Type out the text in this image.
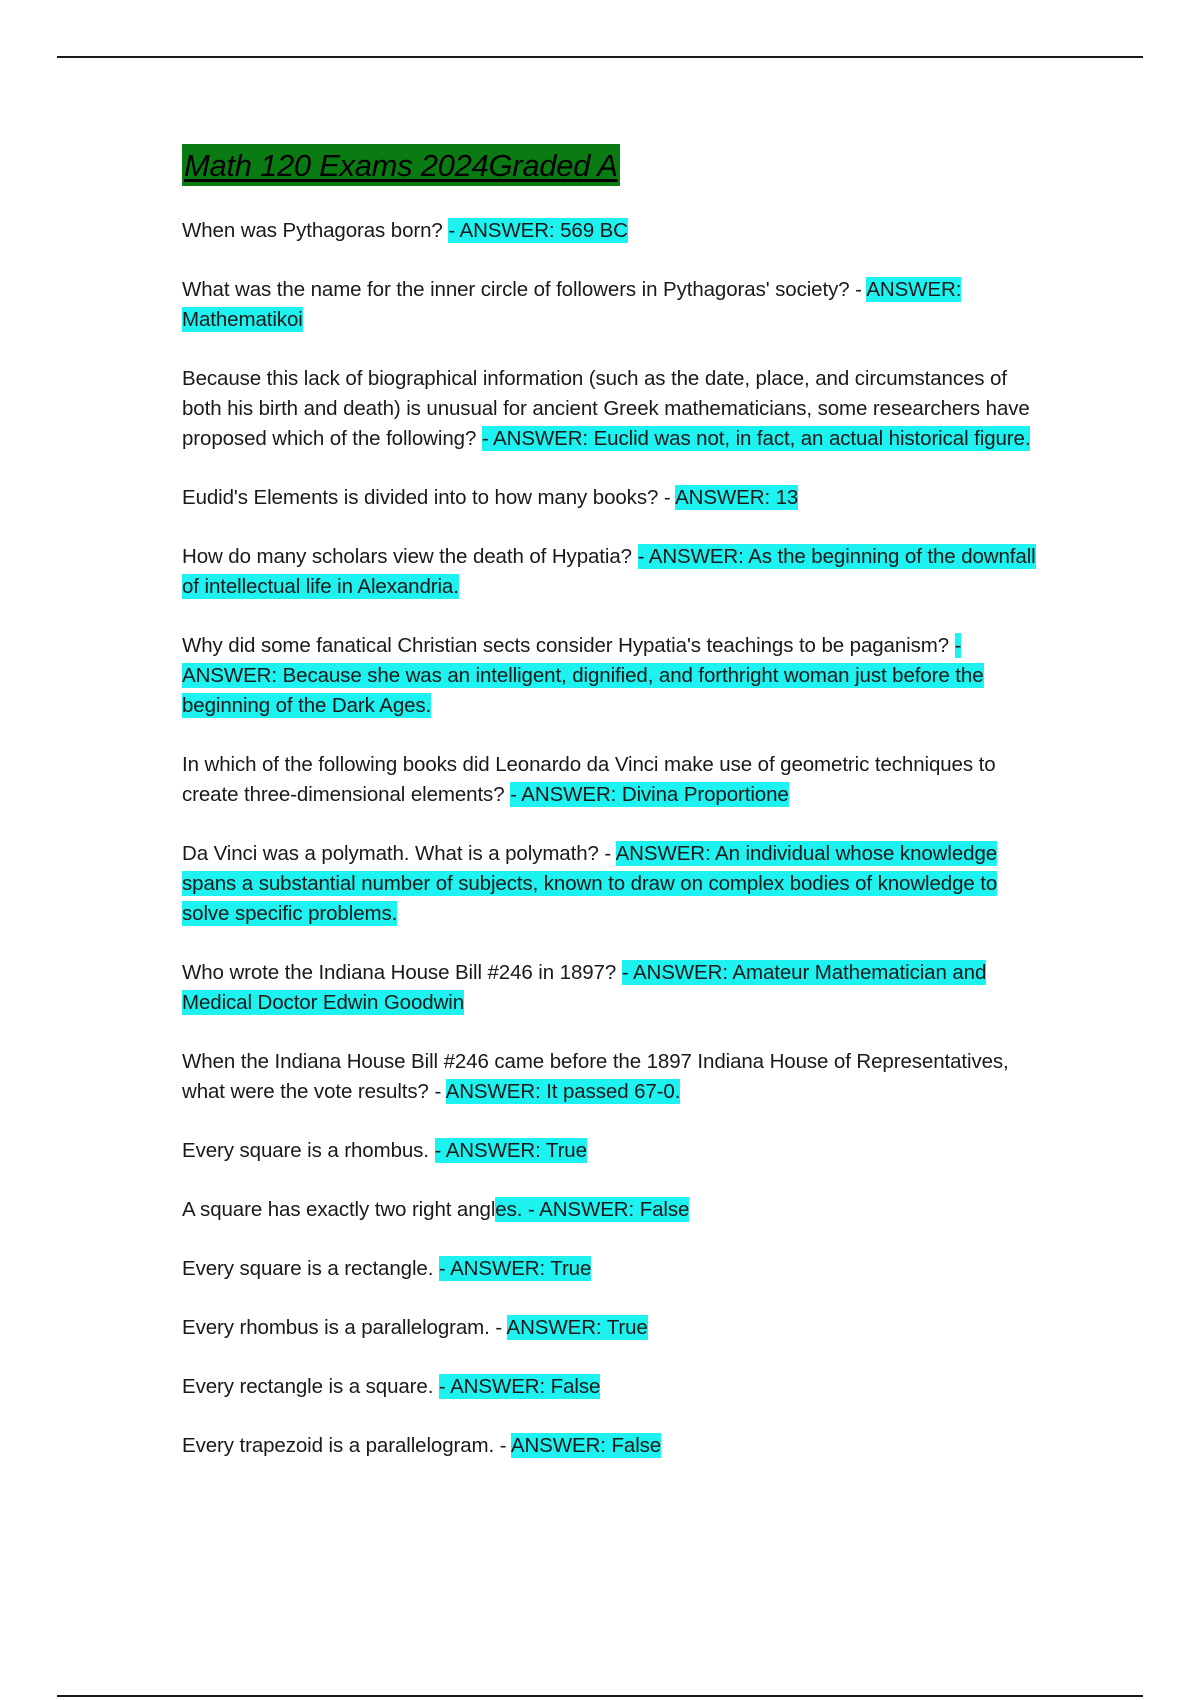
Math 120 Exams 2024Graded A
When was Pythagoras born? - ANSWER: 569 BC
What was the name for the inner circle of followers in Pythagoras' society? - ANSWER: Mathematikoi
Because this lack of biographical information (such as the date, place, and circumstances of both his birth and death) is unusual for ancient Greek mathematicians, some researchers have proposed which of the following? - ANSWER: Euclid was not, in fact, an actual historical figure.
Eudid's Elements is divided into to how many books? - ANSWER: 13
How do many scholars view the death of Hypatia? - ANSWER: As the beginning of the downfall of intellectual life in Alexandria.
Why did some fanatical Christian sects consider Hypatia's teachings to be paganism? - ANSWER: Because she was an intelligent, dignified, and forthright woman just before the beginning of the Dark Ages.
In which of the following books did Leonardo da Vinci make use of geometric techniques to create three-dimensional elements? - ANSWER: Divina Proportione
Da Vinci was a polymath. What is a polymath? - ANSWER: An individual whose knowledge spans a substantial number of subjects, known to draw on complex bodies of knowledge to solve specific problems.
Who wrote the Indiana House Bill #246 in 1897? - ANSWER: Amateur Mathematician and Medical Doctor Edwin Goodwin
When the Indiana House Bill #246 came before the 1897 Indiana House of Representatives, what were the vote results? - ANSWER: It passed 67-0.
Every square is a rhombus. - ANSWER: True
A square has exactly two right angles. - ANSWER: False
Every square is a rectangle. - ANSWER: True
Every rhombus is a parallelogram. - ANSWER: True
Every rectangle is a square. - ANSWER: False
Every trapezoid is a parallelogram. - ANSWER: False
